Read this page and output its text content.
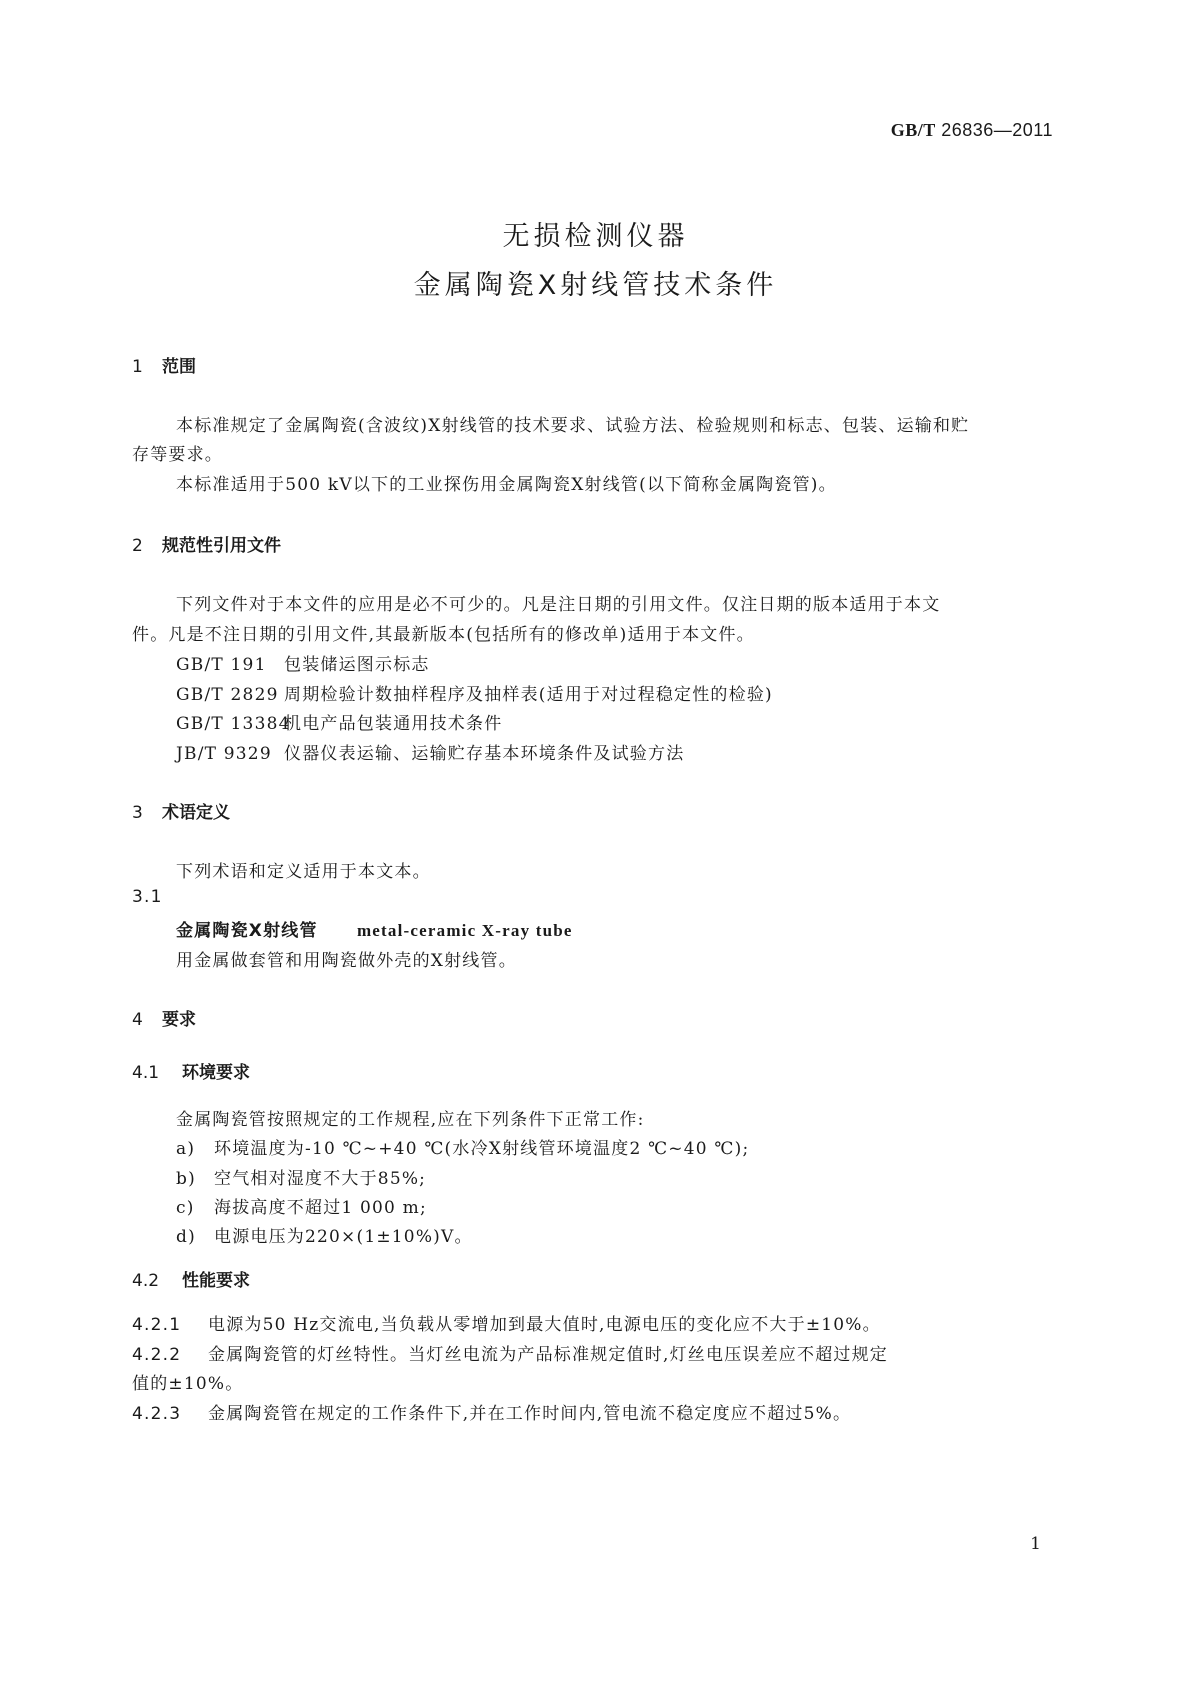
GB/T 26836—2011
无损检测仪器
金属陶瓷X射线管技术条件
1 范围
本标准规定了金属陶瓷(含波纹)X射线管的技术要求、试验方法、检验规则和标志、包装、运输和贮
存等要求。
本标准适用于500 kV以下的工业探伤用金属陶瓷X射线管(以下简称金属陶瓷管)。
2 规范性引用文件
下列文件对于本文件的应用是必不可少的。凡是注日期的引用文件。仅注日期的版本适用于本文
件。凡是不注日期的引用文件,其最新版本(包括所有的修改单)适用于本文件。
GB/T 191 包装储运图示标志
GB/T 2829 周期检验计数抽样程序及抽样表(适用于对过程稳定性的检验)
GB/T 13384机电产品包装通用技术条件
JB/T 9329 仪器仪表运输、运输贮存基本环境条件及试验方法
3 术语定义
下列术语和定义适用于本文本。
3.1
金属陶瓷X射线管 metal-ceramic X-ray tube
用金属做套管和用陶瓷做外壳的X射线管。
4 要求
4.1 环境要求
金属陶瓷管按照规定的工作规程,应在下列条件下正常工作:
a) 环境温度为-10 ℃~+40 ℃(水冷X射线管环境温度2 ℃~40 ℃);
b) 空气相对湿度不大于85%;
c) 海拔高度不超过1 000 m;
d) 电源电压为220×(1±10%)V。
4.2 性能要求
4.2.1 电源为50 Hz交流电,当负载从零增加到最大值时,电源电压的变化应不大于±10%。
4.2.2 金属陶瓷管的灯丝特性。当灯丝电流为产品标准规定值时,灯丝电压误差应不超过规定
值的±10%。
4.2.3 金属陶瓷管在规定的工作条件下,并在工作时间内,管电流不稳定度应不超过5%。
1
